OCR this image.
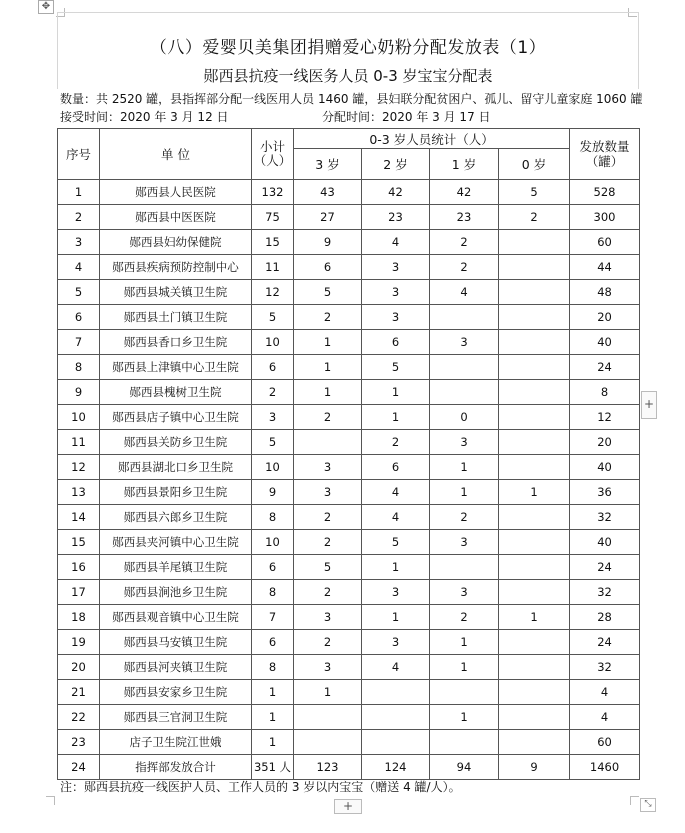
✥
（八）爱婴贝美集团捐赠爱心奶粉分配发放表（1）
郧西县抗疫一线医务人员 0-3 岁宝宝分配表
数量：共 2520 罐，县指挥部分配一线医用人员 1460 罐，县妇联分配贫困户、孤儿、留守儿童家庭 1060 罐
接受时间：2020 年 3 月 12 日	分配时间：2020 年 3 月 17 日
序号	单 位	小计（人）	0-3 岁人员统计（人）				发放数量（罐）
			3 岁	2 岁	1 岁	0 岁	
1	郧西县人民医院	132	43	42	42	5	528
2	郧西县中医医院	75	27	23	23	2	300
3	郧西县妇幼保健院	15	9	4	2		60
4	郧西县疾病预防控制中心	11	6	3	2		44
5	郧西县城关镇卫生院	12	5	3	4		48
6	郧西县土门镇卫生院	5	2	3			20
7	郧西县香口乡卫生院	10	1	6	3		40
8	郧西县上津镇中心卫生院	6	1	5			24
9	郧西县槐树卫生院	2	1	1			8
10	郧西县店子镇中心卫生院	3	2	1	0		12
11	郧西县关防乡卫生院	5		2	3		20
12	郧西县湖北口乡卫生院	10	3	6	1		40
13	郧西县景阳乡卫生院	9	3	4	1	1	36
14	郧西县六郎乡卫生院	8	2	4	2		32
15	郧西县夹河镇中心卫生院	10	2	5	3		40
16	郧西县羊尾镇卫生院	6	5	1			24
17	郧西县涧池乡卫生院	8	2	3	3		32
18	郧西县观音镇中心卫生院	7	3	1	2	1	28
19	郧西县马安镇卫生院	6	2	3	1		24
20	郧西县河夹镇卫生院	8	3	4	1		32
21	郧西县安家乡卫生院	1	1				4
22	郧西县三官洞卫生院	1			1		4
23	店子卫生院江世娥	1					60
24	指挥部发放合计	351 人	123	124	94	9	1460
注：郧西县抗疫一线医护人员、工作人员的 3 岁以内宝宝（赠送 4 罐/人）。
+
+	⤡
